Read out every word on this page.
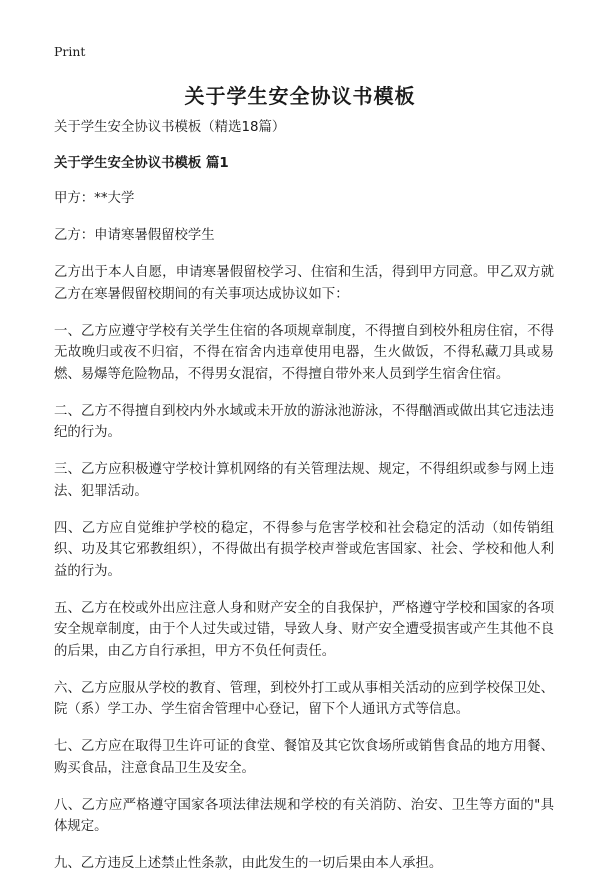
Print
关于学生安全协议书模板

关于学生安全协议书模板（精选18篇）

关于学生安全协议书模板 篇1

甲方：**大学

乙方：申请寒暑假留校学生

乙方出于本人自愿，申请寒暑假留校学习、住宿和生活，得到甲方同意。甲乙双方就乙方在寒暑假留校期间的有关事项达成协议如下：

一、乙方应遵守学校有关学生住宿的各项规章制度，不得擅自到校外租房住宿，不得无故晚归或夜不归宿，不得在宿舍内违章使用电器，生火做饭，不得私藏刀具或易燃、易爆等危险物品，不得男女混宿，不得擅自带外来人员到学生宿舍住宿。

二、乙方不得擅自到校内外水域或未开放的游泳池游泳，不得酗酒或做出其它违法违纪的行为。

三、乙方应积极遵守学校计算机网络的有关管理法规、规定，不得组织或参与网上违法、犯罪活动。

四、乙方应自觉维护学校的稳定，不得参与危害学校和社会稳定的活动（如传销组织、功及其它邪教组织），不得做出有损学校声誉或危害国家、社会、学校和他人利益的行为。

五、乙方在校或外出应注意人身和财产安全的自我保护，严格遵守学校和国家的各项安全规章制度，由于个人过失或过错，导致人身、财产安全遭受损害或产生其他不良的后果，由乙方自行承担，甲方不负任何责任。

六、乙方应服从学校的教育、管理，到校外打工或从事相关活动的应到学校保卫处、院（系）学工办、学生宿舍管理中心登记，留下个人通讯方式等信息。

七、乙方应在取得卫生许可证的食堂、餐馆及其它饮食场所或销售食品的地方用餐、购买食品，注意食品卫生及安全。

八、乙方应严格遵守国家各项法律法规和学校的有关消防、治安、卫生等方面的"具体规定。

九、乙方违反上述禁止性条款，由此发生的一切后果由本人承担。
